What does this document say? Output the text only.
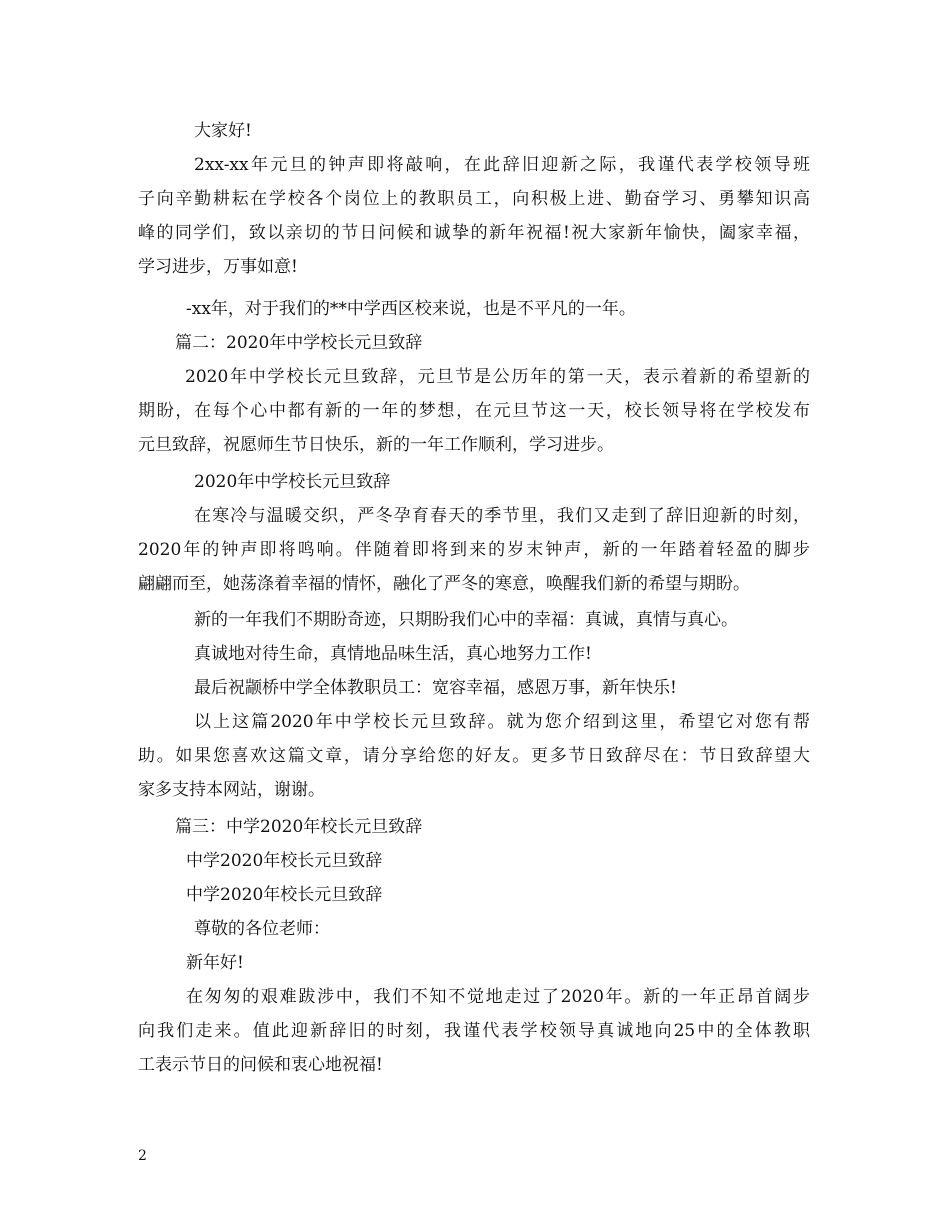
大家好!
2xx-xx年元旦的钟声即将敲响，在此辞旧迎新之际，我谨代表学校领导班
子向辛勤耕耘在学校各个岗位上的教职员工，向积极上进、勤奋学习、勇攀知识高
峰的同学们，致以亲切的节日问候和诚挚的新年祝福!祝大家新年愉快，阖家幸福，
学习进步，万事如意!
-xx年，对于我们的**中学西区校来说，也是不平凡的一年。
篇二：2020年中学校长元旦致辞
2020年中学校长元旦致辞，元旦节是公历年的第一天，表示着新的希望新的
期盼，在每个心中都有新的一年的梦想，在元旦节这一天，校长领导将在学校发布
元旦致辞，祝愿师生节日快乐，新的一年工作顺利，学习进步。
2020年中学校长元旦致辞
在寒冷与温暖交织，严冬孕育春天的季节里，我们又走到了辞旧迎新的时刻，
2020年的钟声即将鸣响。伴随着即将到来的岁末钟声，新的一年踏着轻盈的脚步
翩翩而至，她荡涤着幸福的情怀，融化了严冬的寒意，唤醒我们新的希望与期盼。
新的一年我们不期盼奇迹，只期盼我们心中的幸福：真诚，真情与真心。
真诚地对待生命，真情地品味生活，真心地努力工作!
最后祝颛桥中学全体教职员工：宽容幸福，感恩万事，新年快乐!
以上这篇2020年中学校长元旦致辞。就为您介绍到这里，希望它对您有帮
助。如果您喜欢这篇文章，请分享给您的好友。更多节日致辞尽在：节日致辞望大
家多支持本网站，谢谢。
篇三：中学2020年校长元旦致辞
中学2020年校长元旦致辞
中学2020年校长元旦致辞
尊敬的各位老师：
新年好!
在匆匆的艰难跋涉中，我们不知不觉地走过了2020年。新的一年正昂首阔步
向我们走来。值此迎新辞旧的时刻，我谨代表学校领导真诚地向25中的全体教职
工表示节日的问候和衷心地祝福!
2
